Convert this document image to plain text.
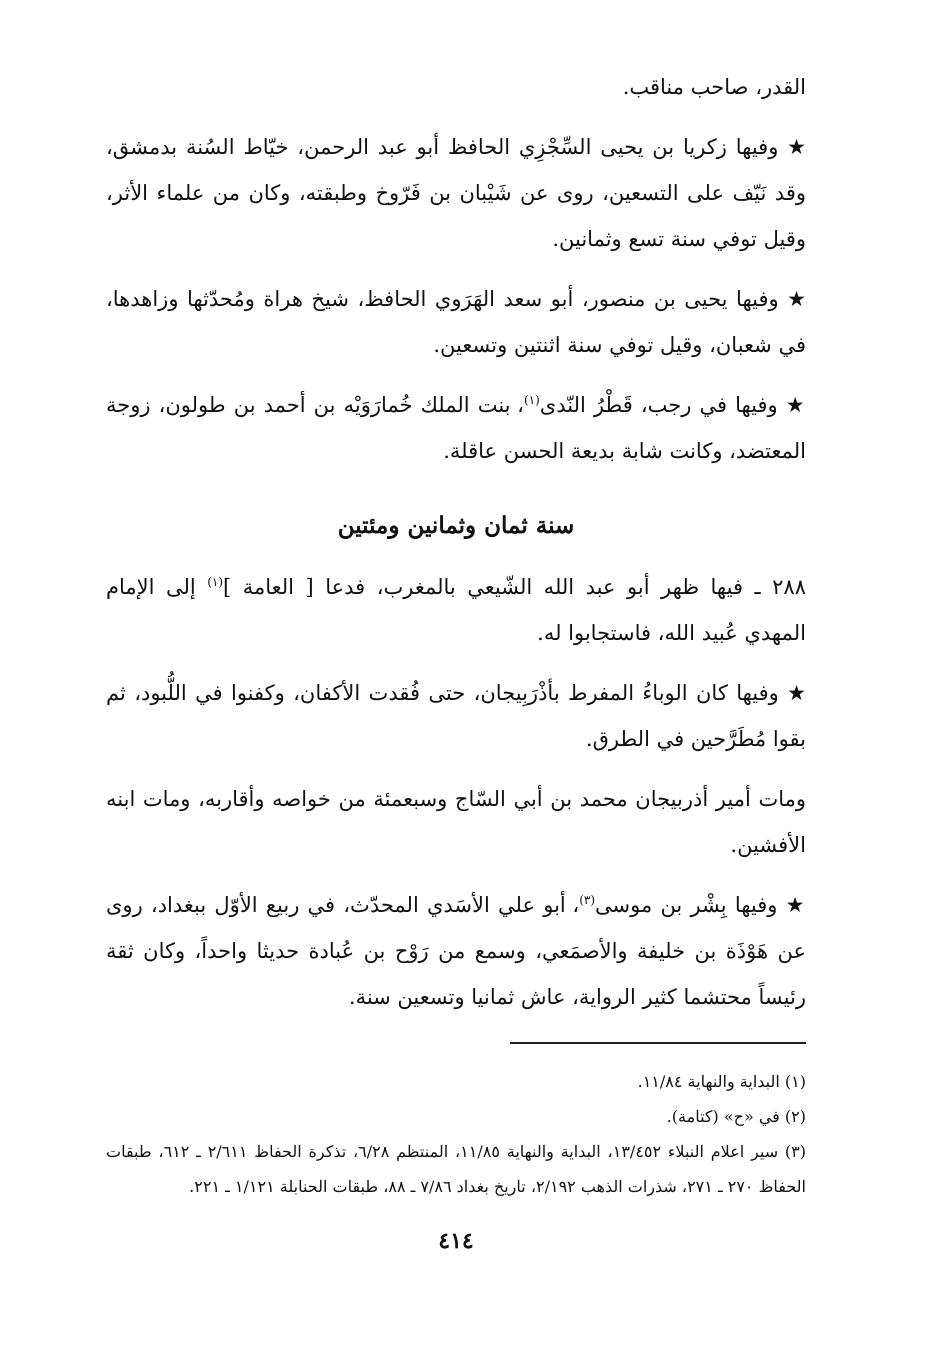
القدر، صاحب مناقب.

★ وفيها زكريا بن يحيى السِّجْزِي الحافظ أبو عبد الرحمن، خيّاط السُنة بدمشق، وقد نَيّف على التسعين، روى عن شَيْبان بن فَرّوخ وطبقته، وكان من علماء الأثر، وقيل توفي سنة تسع وثمانين.

★ وفيها يحيى بن منصور، أبو سعد الهَرَوي الحافظ، شيخ هراة ومُحدّثها وزاهدها، في شعبان، وقيل توفي سنة اثنتين وتسعين.

★ وفيها في رجب، قَطْرُ النّدى$^{(١)}$، بنت الملك خُمارَوَيْه بن أحمد بن طولون، زوجة المعتضد، وكانت شابة بديعة الحسن عاقلة.

سنة ثمان وثمانين ومئتين

٢٨٨ ـ فيها ظهر أبو عبد الله الشّيعي بالمغرب، فدعا [ العامة ]$^{(١)}$ إلى الإمام المهدي عُبيد الله، فاستجابوا له.

★ وفيها كان الوباءُ المفرط بأذْرَبِيجان، حتى فُقدت الأكفان، وكفنوا في اللُّبود، ثم بقوا مُطَرَّحين في الطرق.

ومات أمير أذربيجان محمد بن أبي السّاج وسبعمئة من خواصه وأقاربه، ومات ابنه الأفشين.

★ وفيها بِشْر بن موسى$^{(٣)}$، أبو علي الأسَدي المحدّث، في ربيع الأوّل ببغداد، روى عن هَوْذَة بن خليفة والأصمَعي، وسمع من رَوْح بن عُبادة حديثا واحداً، وكان ثقة رئيساً محتشما كثير الرواية، عاش ثمانيا وتسعين سنة.

(١) البداية والنهاية ١١/٨٤.

(٢) في «ح» (كتامة).

(٣) سير اعلام النبلاء ١٣/٤٥٢، البداية والنهاية ١١/٨٥، المنتظم ٦/٢٨، تذكرة الحفاظ ٢/٦١١ ـ ٦١٢، طبقات الحفاظ ٢٧٠ ـ ٢٧١، شذرات الذهب ٢/١٩٢، تاريخ بغداد ٧/٨٦ ـ ٨٨، طبقات الحنابلة ١/١٢١ ـ ٢٢١.

٤١٤
